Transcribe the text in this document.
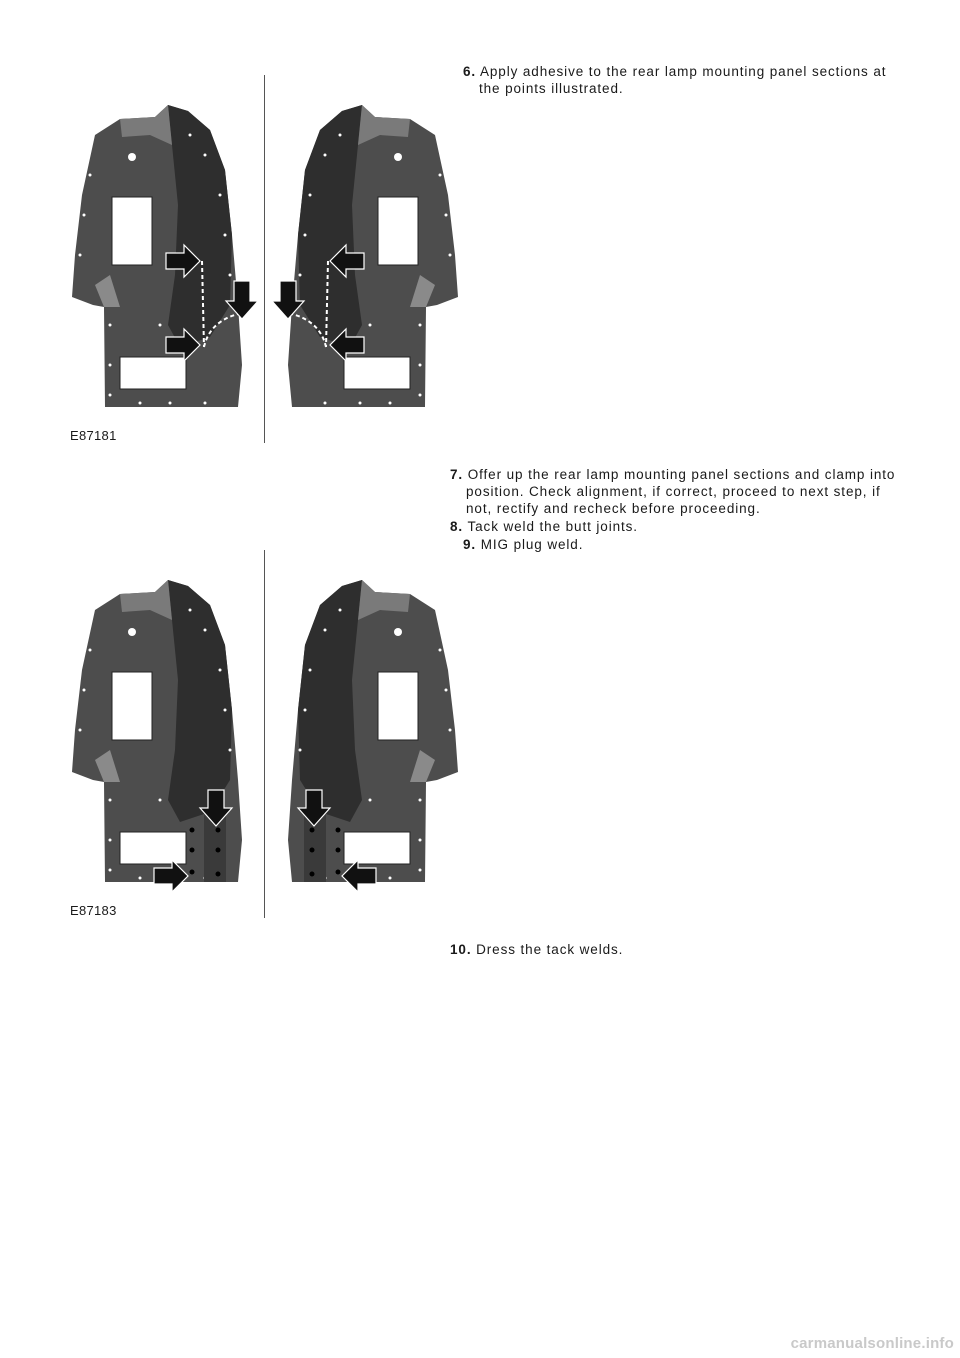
6. Apply adhesive to the rear lamp mounting panel sections at
the points illustrated.
E87181
7. Offer up the rear lamp mounting panel sections and clamp into
position. Check alignment, if correct, proceed to next step, if
not, rectify and recheck before proceeding.
8. Tack weld the butt joints.
9. MIG plug weld.
E87183
10. Dress the tack welds.
carmanualsonline.info
